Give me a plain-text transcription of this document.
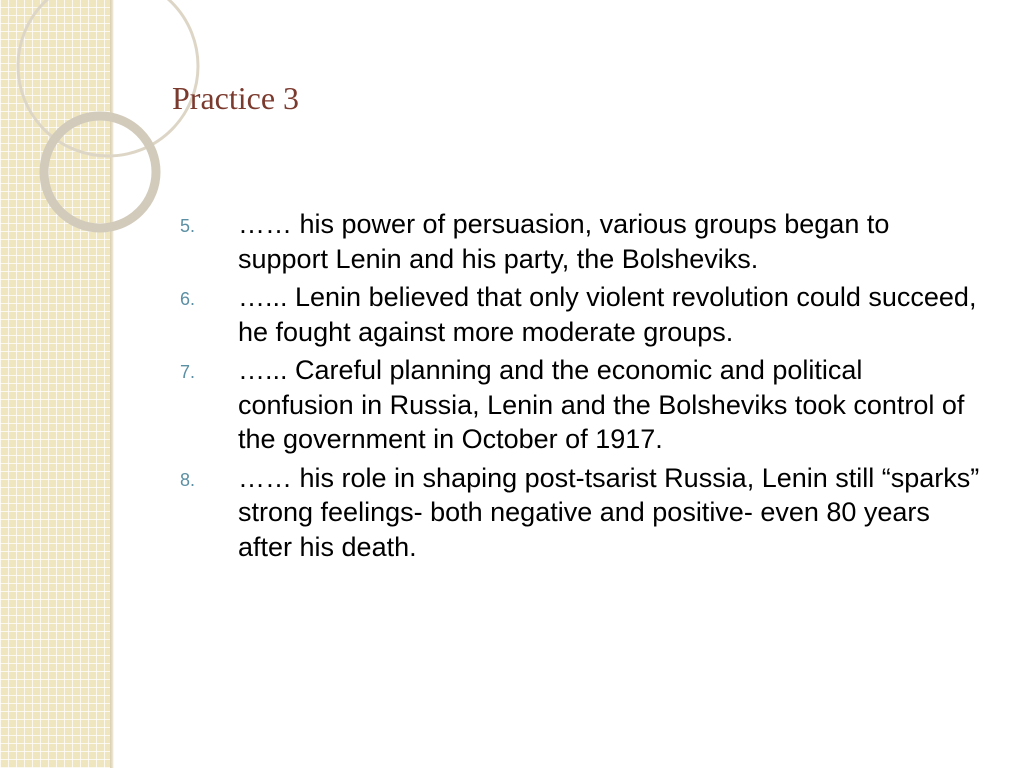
Practice 3
5. …… his power of persuasion, various groups began to support Lenin and his party, the Bolsheviks.
6. …... Lenin believed that only violent revolution could succeed, he fought against more moderate groups.
7. …... Careful planning and the economic and political confusion in Russia, Lenin and the Bolsheviks took control of the government in October of 1917.
8. …… his role in shaping post-tsarist Russia, Lenin still “sparks” strong feelings- both negative and positive- even 80 years after his death.
